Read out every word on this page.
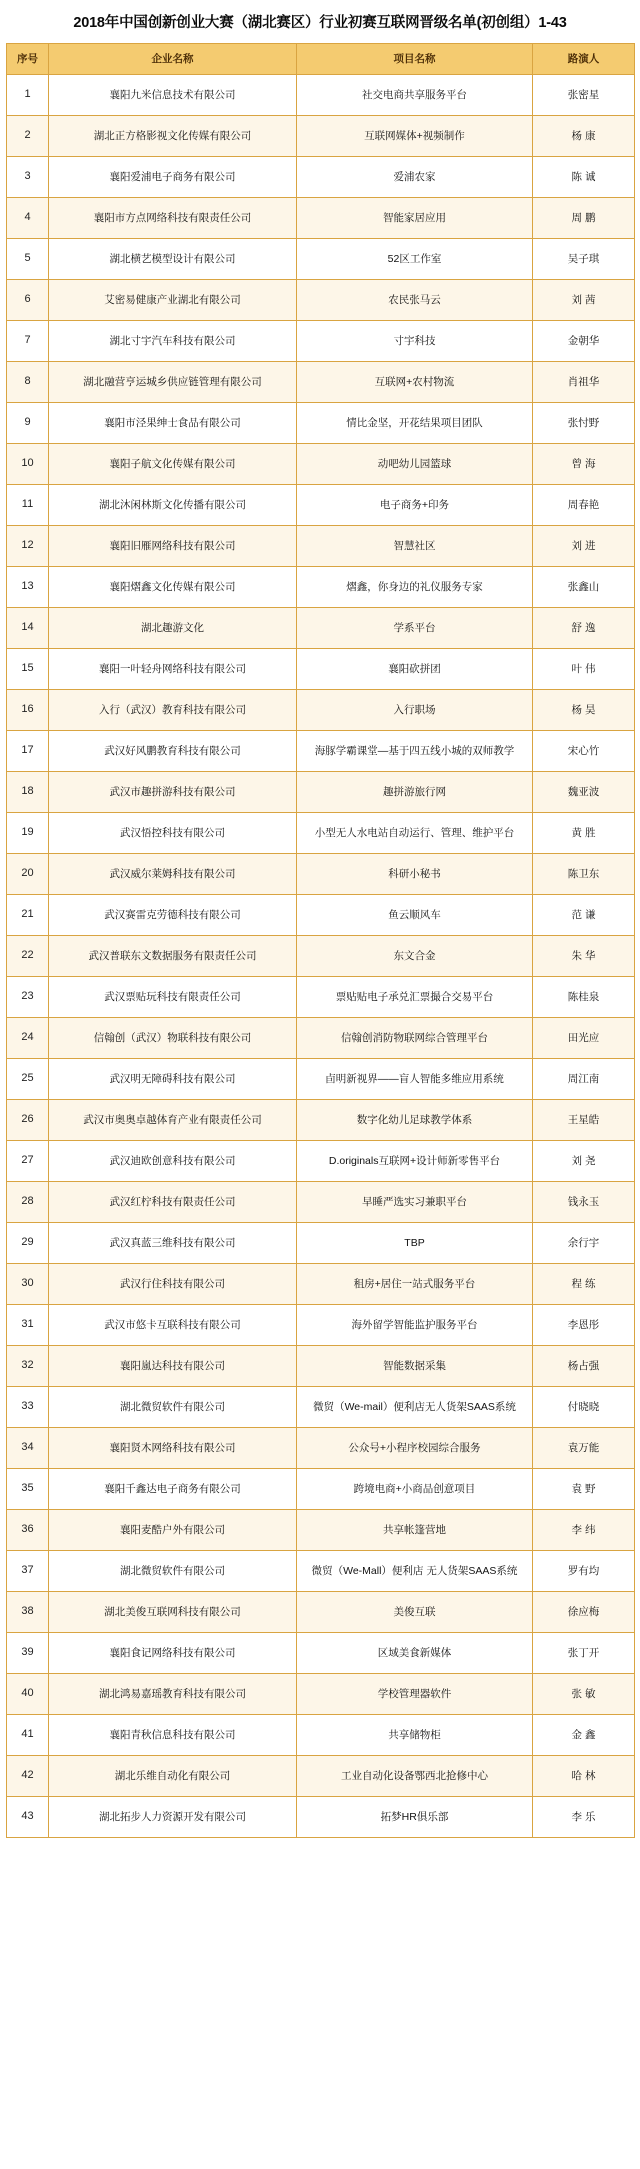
2018年中国创新创业大赛（湖北赛区）行业初赛互联网晋级名单(初创组）1-43
序号	企业名称	项目名称	路演人
1	襄阳九米信息技术有限公司	社交电商共享服务平台	张密星
2	湖北正方格影视文化传媒有限公司	互联网媒体+视频制作	杨 康
3	襄阳爱浦电子商务有限公司	爱浦农家	陈 诚
4	襄阳市方点网络科技有限责任公司	智能家居应用	周 鹏
5	湖北横艺模型设计有限公司	52区工作室	吴子琪
6	艾密易健康产业湖北有限公司	农民张马云	刘 茜
7	湖北寸宇汽车科技有限公司	寸宇科技	金朝华
8	湖北融营亨运城乡供应链管理有限公司	互联网+农村物流	肖祖华
9	襄阳市泾果绅士食品有限公司	情比金坚，开花结果项目团队	张忖野
10	襄阳子航文化传媒有限公司	动吧幼儿园篮球	曾 海
11	湖北沐闲林斯文化传播有限公司	电子商务+印务	周春艳
12	襄阳旧雁网络科技有限公司	智慧社区	刘 进
13	襄阳熠鑫文化传媒有限公司	熠鑫，你身边的礼仪服务专家	张鑫山
14	湖北趣游文化	学系平台	舒 逸
15	襄阳一叶轻舟网络科技有限公司	襄阳砍拼团	叶 伟
16	入行（武汉）教育科技有限公司	入行职场	杨 昊
17	武汉好风鹏教育科技有限公司	海豚学霸课堂—基于四五线小城的双师教学	宋心竹
18	武汉市趣拼游科技有限公司	趣拼游旅行网	魏亚波
19	武汉悟控科技有限公司	小型无人水电站自动运行、管理、维护平台	黄 胜
20	武汉威尔莱姆科技有限公司	科研小秘书	陈卫东
21	武汉赛雷克劳德科技有限公司	鱼云顺风车	范 谦
22	武汉普联东文数据服务有限责任公司	东文合金	朱 华
23	武汉票贴玩科技有限责任公司	票贴贴电子承兑汇票撮合交易平台	陈桂泉
24	信翰创（武汉）物联科技有限公司	信翰创消防物联网综合管理平台	田光应
25	武汉明无障碍科技有限公司	卣明新视界——盲人智能多维应用系统	周江南
26	武汉市奥奥卓越体育产业有限责任公司	数字化幼儿足球教学体系	王星皓
27	武汉迪欧创意科技有限公司	D.originals互联网+设计师新零售平台	刘 尧
28	武汉红柠科技有限责任公司	早睡严选实习兼职平台	钱永玉
29	武汉真蓝三维科技有限公司	TBP	余行宇
30	武汉行住科技有限公司	租房+居住一站式服务平台	程 练
31	武汉市悠卡互联科技有限公司	海外留学智能监护服务平台	李恩彤
32	襄阳嵐达科技有限公司	智能数据采集	杨占强
33	湖北微贸软件有限公司	微贸（We-mail）便利店无人货架SAAS系统	付晓晓
34	襄阳贤木网络科技有限公司	公众号+小程序校园综合服务	袁万能
35	襄阳千鑫达电子商务有限公司	跨境电商+小商品创意项目	袁 野
36	襄阳麦酷户外有限公司	共享帐篷营地	李 纬
37	湖北微贸软件有限公司	微贸（We-Mall）便利店 无人货架SAAS系统	罗有均
38	湖北美俊互联网科技有限公司	美俊互联	徐应梅
39	襄阳食记网络科技有限公司	区域美食新媒体	张丁开
40	湖北鸿易嘉瑶教育科技有限公司	学校管理器软件	张 敏
41	襄阳青秋信息科技有限公司	共享储物柜	金 鑫
42	湖北乐维自动化有限公司	工业自动化设备鄂西北抢修中心	哈 林
43	湖北拓步人力资源开发有限公司	拓梦HR俱乐部	李 乐
